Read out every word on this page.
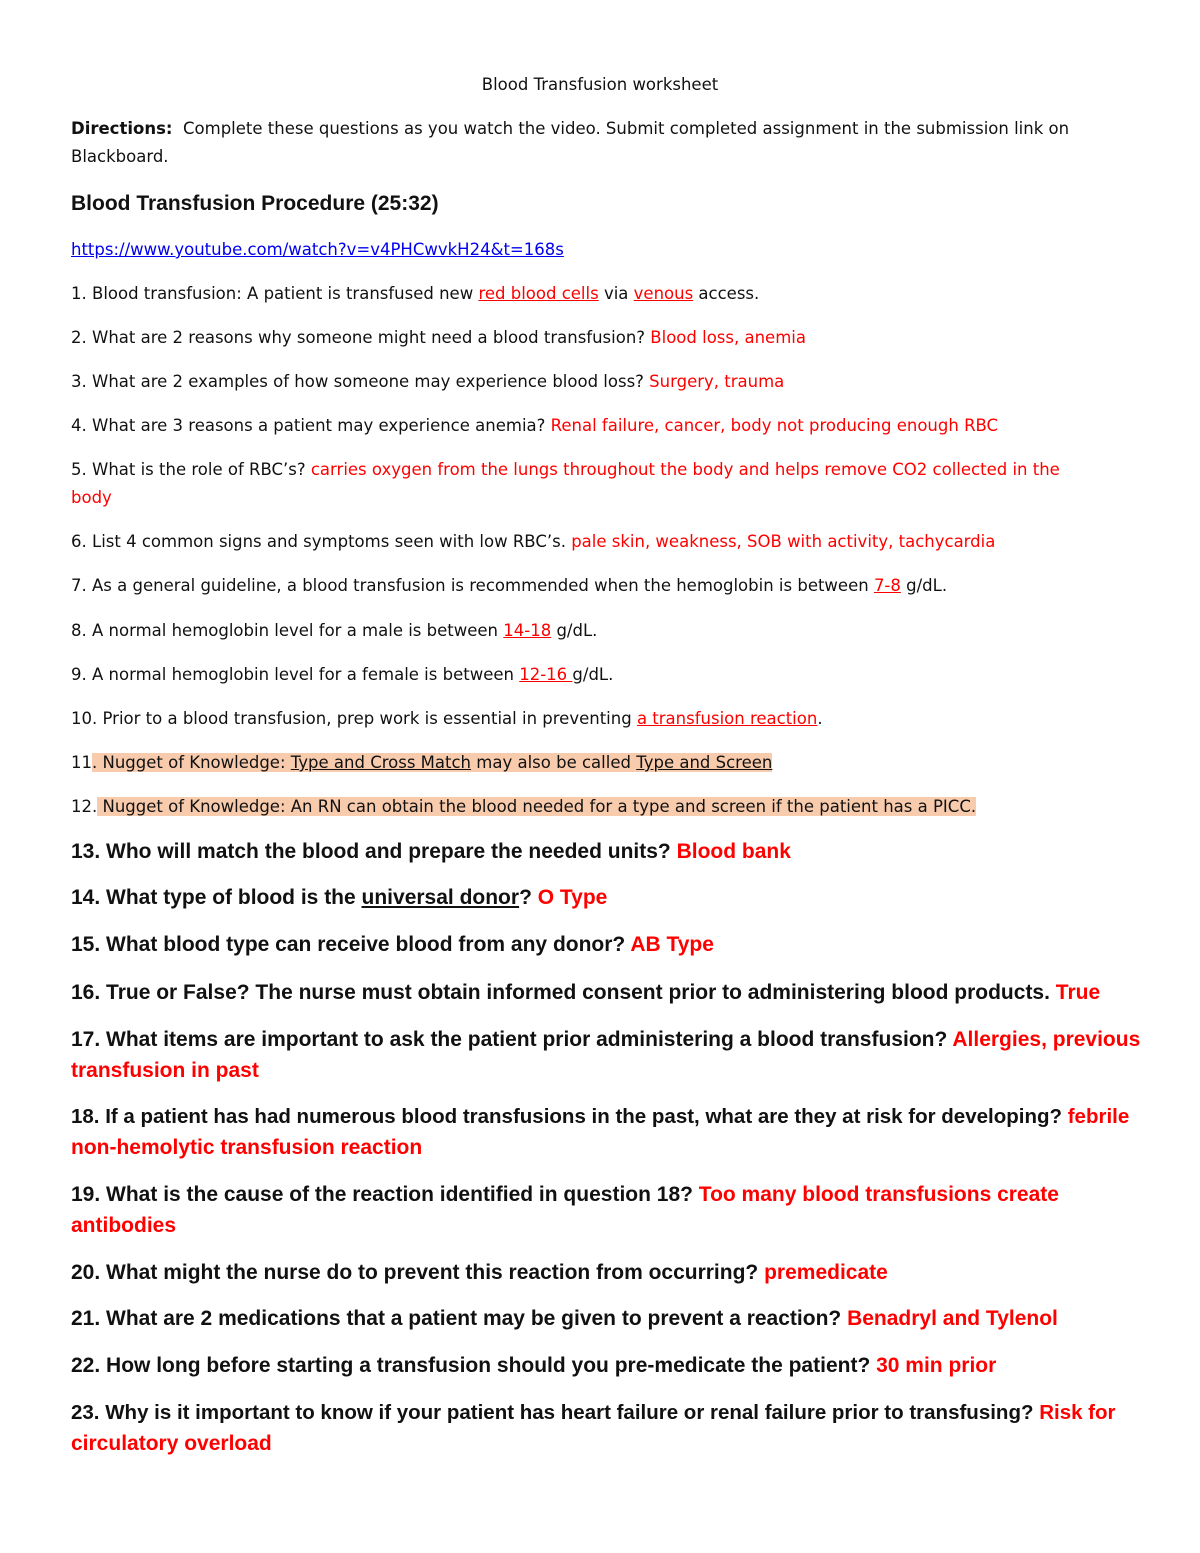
Blood Transfusion worksheet
Directions: Complete these questions as you watch the video. Submit completed assignment in the submission link on
Blackboard.
Blood Transfusion Procedure (25:32)
https://www.youtube.com/watch?v=v4PHCwvkH24&t=168s
1. Blood transfusion: A patient is transfused new red blood cells via venous access.
2. What are 2 reasons why someone might need a blood transfusion? Blood loss, anemia
3. What are 2 examples of how someone may experience blood loss? Surgery, trauma
4. What are 3 reasons a patient may experience anemia? Renal failure, cancer, body not producing enough RBC
5. What is the role of RBC’s? carries oxygen from the lungs throughout the body and helps remove CO2 collected in the
body
6. List 4 common signs and symptoms seen with low RBC’s. pale skin, weakness, SOB with activity, tachycardia
7. As a general guideline, a blood transfusion is recommended when the hemoglobin is between 7-8 g/dL.
8. A normal hemoglobin level for a male is between 14-18 g/dL.
9. A normal hemoglobin level for a female is between 12-16 g/dL.
10. Prior to a blood transfusion, prep work is essential in preventing a transfusion reaction.
11. Nugget of Knowledge: Type and Cross Match may also be called Type and Screen
12. Nugget of Knowledge: An RN can obtain the blood needed for a type and screen if the patient has a PICC.
13. Who will match the blood and prepare the needed units? Blood bank
14. What type of blood is the universal donor? O Type
15. What blood type can receive blood from any donor? AB Type
16. True or False? The nurse must obtain informed consent prior to administering blood products. True
17. What items are important to ask the patient prior administering a blood transfusion? Allergies, previous
transfusion in past
18. If a patient has had numerous blood transfusions in the past, what are they at risk for developing? febrile
non-hemolytic transfusion reaction
19. What is the cause of the reaction identified in question 18? Too many blood transfusions create
antibodies
20. What might the nurse do to prevent this reaction from occurring? premedicate
21. What are 2 medications that a patient may be given to prevent a reaction? Benadryl and Tylenol
22. How long before starting a transfusion should you pre-medicate the patient? 30 min prior
23. Why is it important to know if your patient has heart failure or renal failure prior to transfusing? Risk for
circulatory overload
